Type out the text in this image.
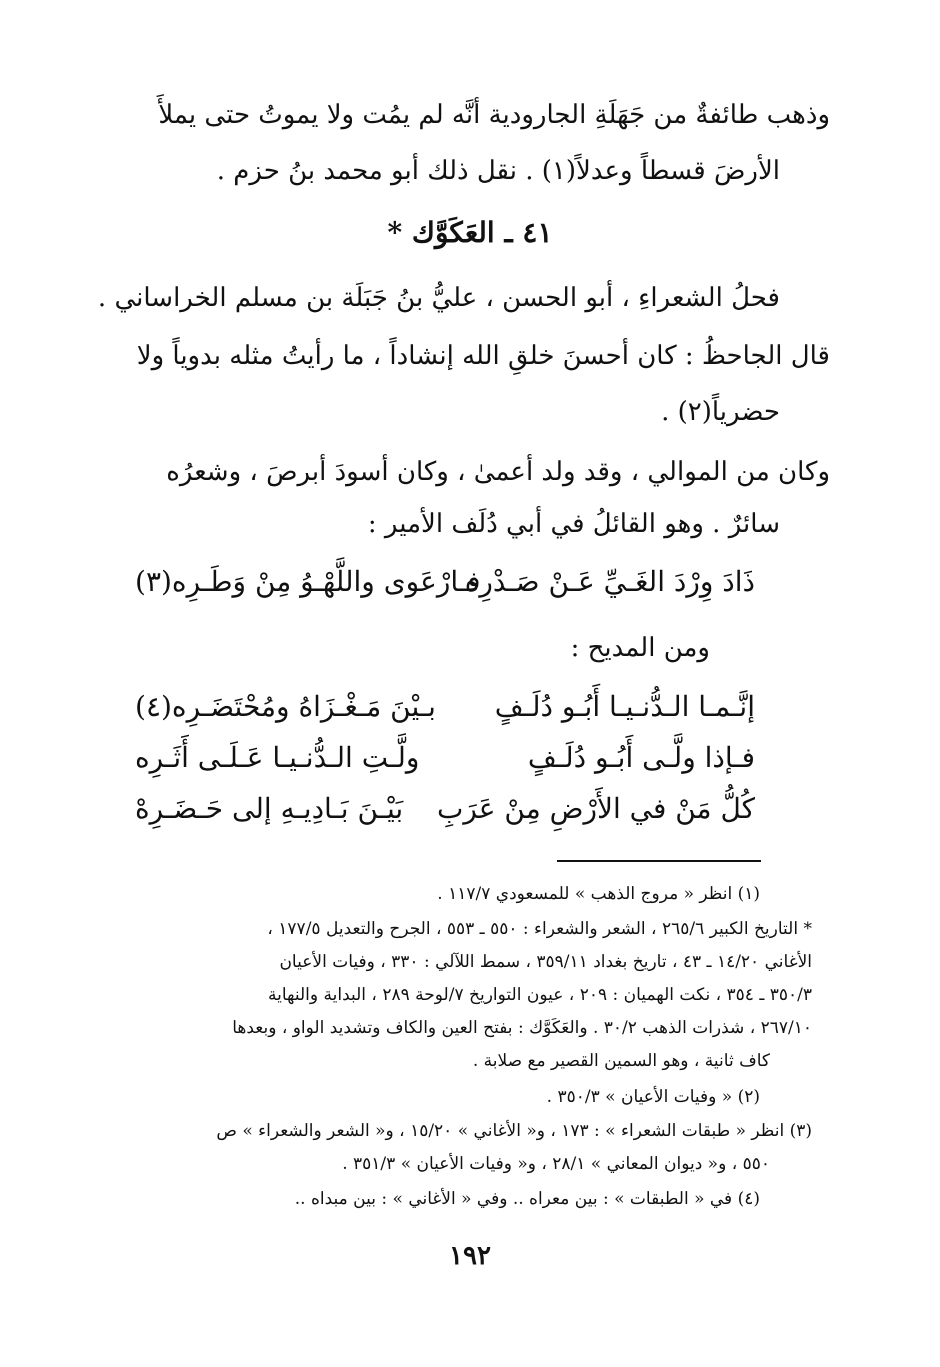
وذهب طائفةٌ من جَهَلَةِ الجارودية أنَّه لم يمُت ولا يموتُ حتى يملأَ
الأرضَ قسطاً وعدلاً(١) . نقل ذلك أبو محمد بنُ حزم .
٤١ ـ العَكَوَّك *
فحلُ الشعراءِ ، أبو الحسن ، عليُّ بنُ جَبَلَة بن مسلم الخراساني .
قال الجاحظُ : كان أحسنَ خلقِ الله إنشاداً ، ما رأيتُ مثله بدوياً ولا
حضرياً(٢) .
وكان من الموالي ، وقد ولد أعمىٰ ، وكان أسودَ أبرصَ ، وشعرُه
سائرٌ . وهو القائلُ في أبي دُلَف الأمير :
ذَادَ وِرْدَ الغَـيِّ عَـنْ صَـدْرِه
فـارْعَوى واللَّهْـوُ مِنْ وَطَـرِه(٣)
ومن المديح :
إنَّـمـا الـدُّنـيـا أَبُـو دُلَـفٍ
بـيْنَ مَـغْـزَاهُ ومُحْتَضَـرِه(٤)
فـإذا ولَّـى أَبُـو دُلَـفٍ
ولَّـتِ الـدُّنـيـا عَـلَـى أَثَـرِه
كُلُّ مَنْ في الأَرْضِ مِنْ عَرَبِ
بَيْـنَ بَـادِيـهِ إلى حَـضَـرِهْ
(١) انظر « مروج الذهب » للمسعودي ١١٧/٧ .
* التاريخ الكبير ٢٦٥/٦ ، الشعر والشعراء : ٥٥٠ ـ ٥٥٣ ، الجرح والتعديل ١٧٧/٥ ،
الأغاني ١٤/٢٠ ـ ٤٣ ، تاريخ بغداد ٣٥٩/١١ ، سمط اللآلي : ٣٣٠ ، وفيات الأعيان
٣٥٠/٣ ـ ٣٥٤ ، نكت الهميان : ٢٠٩ ، عيون التواريخ ٧/لوحة ٢٨٩ ، البداية والنهاية
٢٦٧/١٠ ، شذرات الذهب ٣٠/٢ . والعَكَوَّك : بفتح العين والكاف وتشديد الواو ، وبعدها
كاف ثانية ، وهو السمين القصير مع صلابة .
(٢) « وفيات الأعيان » ٣٥٠/٣ .
(٣) انظر « طبقات الشعراء » : ١٧٣ ، و« الأغاني » ١٥/٢٠ ، و« الشعر والشعراء » ص
٥٥٠ ، و« ديوان المعاني » ٢٨/١ ، و« وفيات الأعيان » ٣٥١/٣ .
(٤) في « الطبقات » : بين معراه .. وفي « الأغاني » : بين مبداه ..
١٩٢
